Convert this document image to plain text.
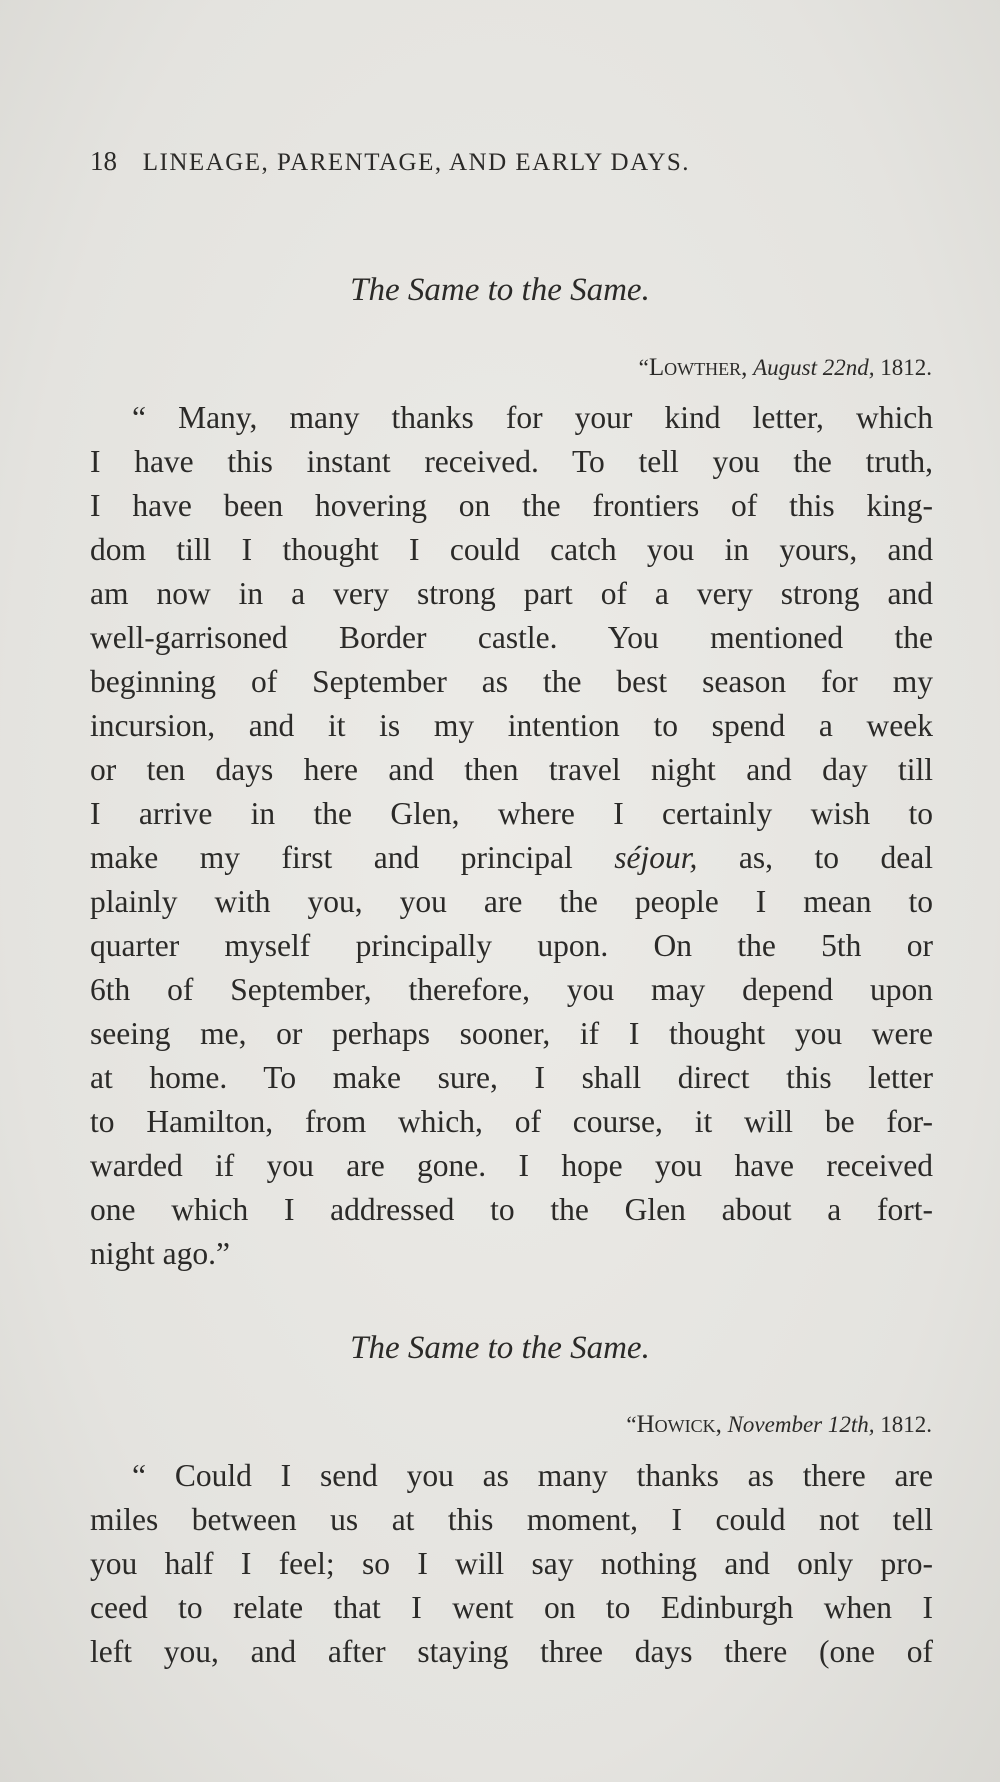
18 LINEAGE, PARENTAGE, AND EARLY DAYS.
The Same to the Same.
“Lowther, August 22nd, 1812.
“ Many, many thanks for your kind letter, which
I have this instant received. To tell you the truth,
I have been hovering on the frontiers of this king-
dom till I thought I could catch you in yours, and
am now in a very strong part of a very strong and
well-garrisoned Border castle. You mentioned the
beginning of September as the best season for my
incursion, and it is my intention to spend a week
or ten days here and then travel night and day till
I arrive in the Glen, where I certainly wish to
make my first and principal séjour, as, to deal
plainly with you, you are the people I mean to
quarter myself principally upon. On the 5th or
6th of September, therefore, you may depend upon
seeing me, or perhaps sooner, if I thought you were
at home. To make sure, I shall direct this letter
to Hamilton, from which, of course, it will be for-
warded if you are gone. I hope you have received
one which I addressed to the Glen about a fort-
night ago.”
The Same to the Same.
“Howick, November 12th, 1812.
“ Could I send you as many thanks as there are
miles between us at this moment, I could not tell
you half I feel; so I will say nothing and only pro-
ceed to relate that I went on to Edinburgh when I
left you, and after staying three days there (one of
